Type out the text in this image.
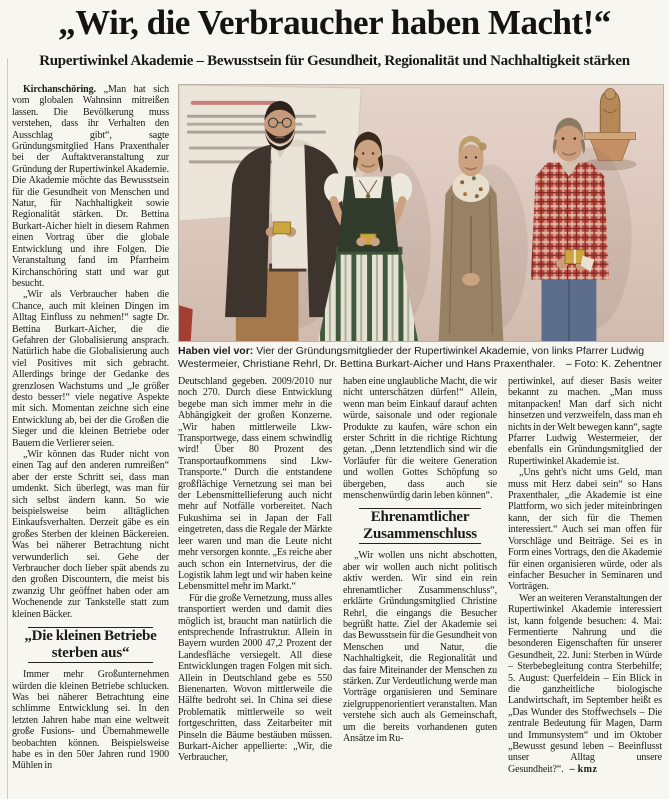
„Wir, die Verbraucher haben Macht!“
Rupertiwinkel Akademie – Bewusstsein für Gesundheit, Regionalität und Nachhaltigkeit stärken

Kirchanschöring. „Man hat sich vom globalen Wahnsinn mitreißen lassen. Die Bevölkerung muss verstehen, dass ihr Verhalten den Ausschlag gibt“, sagte Gründungsmitglied Hans Praxenthaler bei der Auftaktveranstaltung zur Gründung der Rupertiwinkel Akademie. Die Akademie möchte das Bewusstsein für die Gesundheit von Menschen und Natur, für Nachhaltigkeit sowie Regionalität stärken. Dr. Bettina Burkart-Aicher hielt in diesem Rahmen einen Vortrag über die globale Entwicklung und ihre Folgen. Die Veranstaltung fand im Pfarrheim Kirchanschöring statt und war gut besucht.

„Wir als Verbraucher haben die Chance, auch mit kleinen Dingen im Alltag Einfluss zu nehmen!“ sagte Dr. Bettina Burkart-Aicher, die die Gefahren der Globalisierung ansprach. Natürlich habe die Globalisierung auch viel Positives mit sich gebracht. Allerdings bringe der Gedanke des grenzlosen Wachstums und „Je größer desto besser!“ viele negative Aspekte mit sich. Momentan zeichne sich eine Entwicklung ab, bei der die Großen die Sieger und die kleinen Betriebe oder Bauern die Verlierer seien.

„Wir können das Ruder nicht von einen Tag auf den anderen rumreißen“ aber der erste Schritt sei, dass man umdenkt. Sich überlegt, was man für sich selbst ändern kann. So wie beispielsweise beim alltäglichen Einkaufsverhalten. Derzeit gäbe es ein großes Sterben der kleinen Bäckereien. Was bei näherer Betrachtung nicht verwunderlich sei. Gehe der Verbraucher doch lieber spät abends zu den großen Discountern, die meist bis zwanzig Uhr geöffnet haben oder am Wochenende zur Tankstelle statt zum kleinen Bäcker.

„Die kleinen Betriebe sterben aus“

Immer mehr Großunternehmen würden die kleinen Betriebe schlucken. Was bei näherer Betrachtung eine schlimme Entwicklung sei. In den letzten Jahren habe man eine weltweit große Fusions- und Übernahmewelle beobachten können. Beispielsweise habe es in den 50er Jahren rund 1900 Mühlen in

Haben viel vor: Vier der Gründungsmitglieder der Rupertiwinkel Akademie, von links Pfarrer Ludwig Westermeier, Christiane Rehrl, Dr. Bettina Burkart-Aicher und Hans Praxenthaler. – Foto: K. Zehentner

Deutschland gegeben. 2009/2010 nur noch 270. Durch diese Entwicklung begebe man sich immer mehr in die Abhängigkeit der großen Konzerne. „Wir haben mittlerweile Lkw-Transportwege, dass einem schwindlig wird! Über 80 Prozent des Transportaufkommens sind Lkw-Transporte.“ Durch die entstandene großflächige Vernetzung sei man bei der Lebensmittellieferung auch nicht mehr auf Notfälle vorbereitet. Nach Fukushima sei in Japan der Fall eingetreten, dass die Regale der Märkte leer waren und man die Leute nicht mehr versorgen konnte. „Es reiche aber auch schon ein Internetvirus, der die Logistik lahm legt und wir haben keine Lebensmittel mehr im Markt.“

Für die große Vernetzung, muss alles transportiert werden und damit dies möglich ist, braucht man natürlich die entsprechende Infrastruktur. Allein in Bayern wurden 2000 47,2 Prozent der Landesfläche versiegelt. All diese Entwicklungen tragen Folgen mit sich. Allein in Deutschland gebe es 550 Bienenarten. Wovon mittlerweile die Hälfte bedroht sei. In China sei diese Problematik mittlerweile so weit fortgeschritten, dass Zeitarbeiter mit Pinseln die Bäume bestäuben müssen. Burkart-Aicher appellierte: „Wir, die Verbraucher,

haben eine unglaubliche Macht, die wir nicht unterschätzen dürfen!“ Allein, wenn man beim Einkauf darauf achten würde, saisonale und oder regionale Produkte zu kaufen, wäre schon ein erster Schritt in die richtige Richtung getan. „Denn letztendlich sind wir die Vorläufer für die weitere Generation und wollen Gottes Schöpfung so übergeben, dass auch sie menschenwürdig darin leben können“.

Ehrenamtlicher Zusammenschluss

„Wir wollen uns nicht abschotten, aber wir wollen auch nicht politisch aktiv werden. Wir sind ein rein ehrenamtlicher Zusammenschluss“, erklärte Gründungsmitglied Christine Rehrl, die eingangs die Besucher begrüßt hatte. Ziel der Akademie sei das Bewusstsein für die Gesundheit von Menschen und Natur, die Nachhaltigkeit, die Regionalität und das faire Miteinander der Menschen zu stärken. Zur Verdeutlichung werde man Vorträge organisieren und Seminare zielgruppenorientiert veranstalten. Man verstehe sich auch als Gemeinschaft, um die bereits vorhandenen guten Ansätze im Ru-

pertiwinkel, auf dieser Basis weiter bekannt zu machen. „Man muss mitanpacken! Man darf sich nicht hinsetzen und verzweifeln, dass man eh nichts in der Welt bewegen kann“, sagte Pfarrer Ludwig Westermeier, der ebenfalls ein Gründungsmitglied der Rupertiwinkel Akademie ist.

„Uns geht's nicht ums Geld, man muss mit Herz dabei sein“ so Hans Praxenthaler, „die Akademie ist eine Plattform, wo sich jeder miteinbringen kann, der sich für die Themen interessiert.“ Auch sei man offen für Vorschläge und Beiträge. Sei es in Form eines Vortrags, den die Akademie für einen organisieren würde, oder als einfacher Besucher in Seminaren und Vorträgen.

Wer an weiteren Veranstaltungen der Rupertiwinkel Akademie interessiert ist, kann folgende besuchen: 4. Mai: Fermentierte Nahrung und die besonderen Eigenschaften für unserer Gesundheit, 22. Juni: Sterben in Würde – Sterbebegleitung contra Sterbehilfe; 5. August: Querfeldein – Ein Blick in die ganzheitliche biologische Landwirtschaft, im September heißt es „Das Wunder des Stoffwechsels – Die zentrale Bedeutung für Magen, Darm und Immunsystem“ und im Oktober „Bewusst gesund leben – Beeinflusst unser Alltag unsere Gesundheit?“. – kmz
